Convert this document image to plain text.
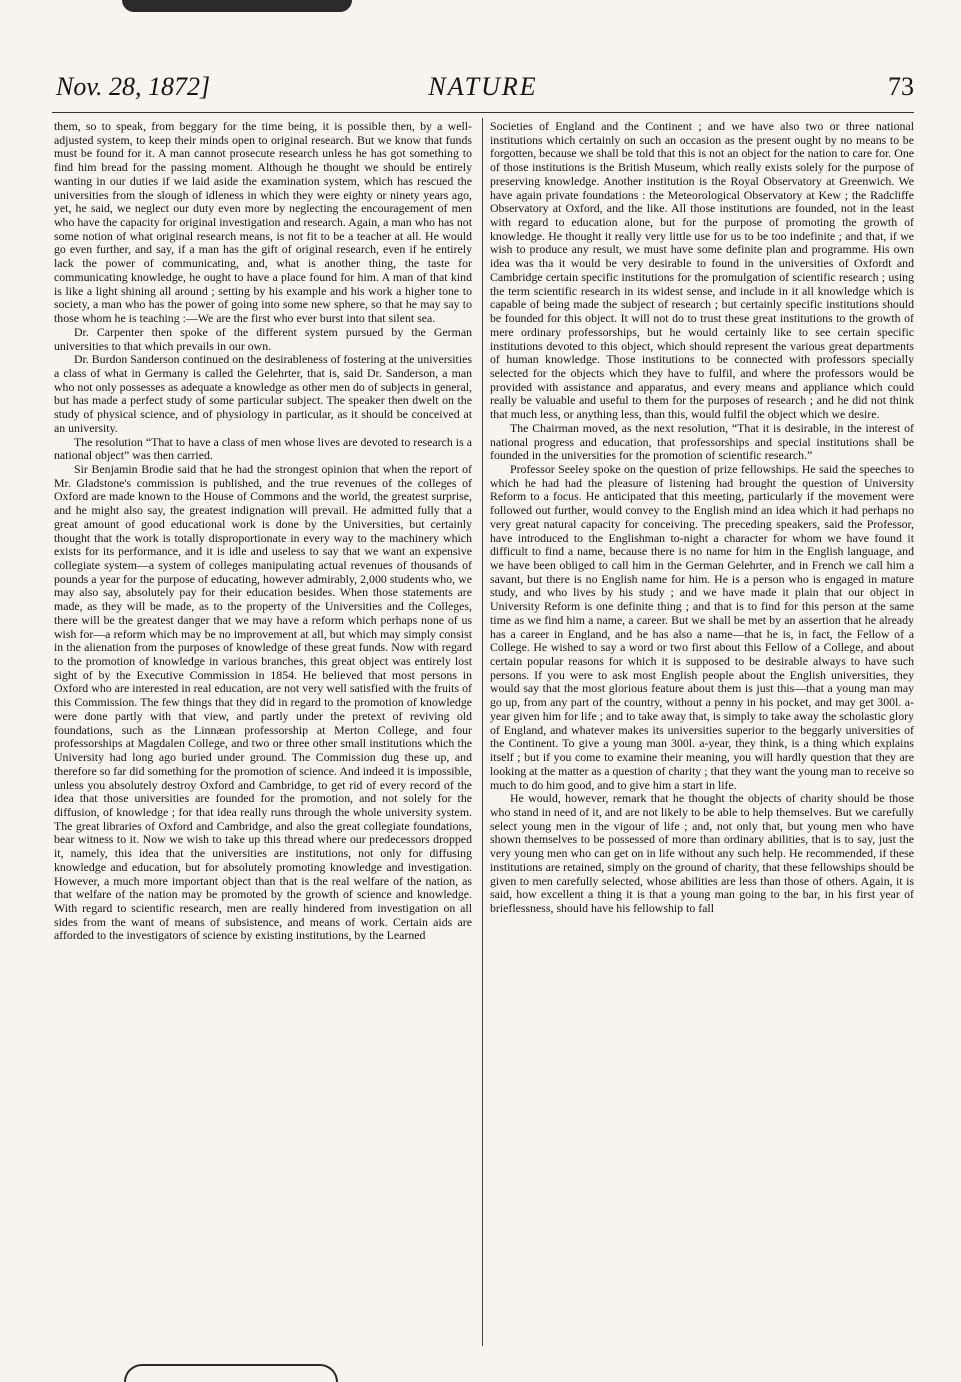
Nov. 28, 1872]	NATURE	73

them, so to speak, from beggary for the time being, it is possible then, by a well-adjusted system, to keep their minds open to original research. But we know that funds must be found for it. A man cannot prosecute research unless he has got something to find him bread for the passing moment. Although he thought we should be entirely wanting in our duties if we laid aside the examination system, which has rescued the universities from the slough of idleness in which they were eighty or ninety years ago, yet, he said, we neglect our duty even more by neglecting the encouragement of men who have the capacity for original investigation and research. Again, a man who has not some notion of what original research means, is not fit to be a teacher at all. He would go even further, and say, if a man has the gift of original research, even if he entirely lack the power of communicating, and, what is another thing, the taste for communicating knowledge, he ought to have a place found for him. A man of that kind is like a light shining all around ; setting by his example and his work a higher tone to society, a man who has the power of going into some new sphere, so that he may say to those whom he is teaching :—We are the first who ever burst into that silent sea.

Dr. Carpenter then spoke of the different system pursued by the German universities to that which prevails in our own.

Dr. Burdon Sanderson continued on the desirableness of fostering at the universities a class of what in Germany is called the Gelehrter, that is, said Dr. Sanderson, a man who not only possesses as adequate a knowledge as other men do of subjects in general, but has made a perfect study of some particular subject. The speaker then dwelt on the study of physical science, and of physiology in particular, as it should be conceived at an university.

The resolution “That to have a class of men whose lives are devoted to research is a national object” was then carried.

Sir Benjamin Brodie said that he had the strongest opinion that when the report of Mr. Gladstone's commission is published, and the true revenues of the colleges of Oxford are made known to the House of Commons and the world, the greatest surprise, and he might also say, the greatest indignation will prevail. He admitted fully that a great amount of good educational work is done by the Universities, but certainly thought that the work is totally disproportionate in every way to the machinery which exists for its performance, and it is idle and useless to say that we want an expensive collegiate system—a system of colleges manipulating actual revenues of thousands of pounds a year for the purpose of educating, however admirably, 2,000 students who, we may also say, absolutely pay for their education besides. When those statements are made, as they will be made, as to the property of the Universities and the Colleges, there will be the greatest danger that we may have a reform which perhaps none of us wish for—a reform which may be no improvement at all, but which may simply consist in the alienation from the purposes of knowledge of these great funds. Now with regard to the promotion of knowledge in various branches, this great object was entirely lost sight of by the Executive Commission in 1854. He believed that most persons in Oxford who are interested in real education, are not very well satisfied with the fruits of this Commission. The few things that they did in regard to the promotion of knowledge were done partly with that view, and partly under the pretext of reviving old foundations, such as the Linnæan professorship at Merton College, and four professorships at Magdalen College, and two or three other small institutions which the University had long ago buried under ground. The Commission dug these up, and therefore so far did something for the promotion of science. And indeed it is impossible, unless you absolutely destroy Oxford and Cambridge, to get rid of every record of the idea that those universities are founded for the promotion, and not solely for the diffusion, of knowledge ; for that idea really runs through the whole university system. The great libraries of Oxford and Cambridge, and also the great collegiate foundations, bear witness to it. Now we wish to take up this thread where our predecessors dropped it, namely, this idea that the universities are institutions, not only for diffusing knowledge and education, but for absolutely promoting knowledge and investigation. However, a much more important object than that is the real welfare of the nation, as that welfare of the nation may be promoted by the growth of science and knowledge. With regard to scientific research, men are really hindered from investigation on all sides from the want of means of subsistence, and means of work. Certain aids are afforded to the investigators of science by existing institutions, by the Learned

Societies of England and the Continent ; and we have also two or three national institutions which certainly on such an occasion as the present ought by no means to be forgotten, because we shall be told that this is not an object for the nation to care for. One of those institutions is the British Museum, which really exists solely for the purpose of preserving knowledge. Another institution is the Royal Observatory at Greenwich. We have again private foundations : the Meteorological Observatory at Kew ; the Radcliffe Observatory at Oxford, and the like. All those institutions are founded, not in the least with regard to education alone, but for the purpose of promoting the growth of knowledge. He thought it really very little use for us to be too indefinite ; and that, if we wish to produce any result, we must have some definite plan and programme. His own idea was tha it would be very desirable to found in the universities of Oxfordt and Cambridge certain specific institutions for the promulgation of scientific research ; using the term scientific research in its widest sense, and include in it all knowledge which is capable of being made the subject of research ; but certainly specific institutions should be founded for this object. It will not do to trust these great institutions to the growth of mere ordinary professorships, but he would certainly like to see certain specific institutions devoted to this object, which should represent the various great departments of human knowledge. Those institutions to be connected with professors specially selected for the objects which they have to fulfil, and where the professors would be provided with assistance and apparatus, and every means and appliance which could really be valuable and useful to them for the purposes of research ; and he did not think that much less, or anything less, than this, would fulfil the object which we desire.

The Chairman moved, as the next resolution, “That it is desirable, in the interest of national progress and education, that professorships and special institutions shall be founded in the universities for the promotion of scientific research.”

Professor Seeley spoke on the question of prize fellowships. He said the speeches to which he had had the pleasure of listening had brought the question of University Reform to a focus. He anticipated that this meeting, particularly if the movement were followed out further, would convey to the English mind an idea which it had perhaps no very great natural capacity for conceiving. The preceding speakers, said the Professor, have introduced to the Englishman to-night a character for whom we have found it difficult to find a name, because there is no name for him in the English language, and we have been obliged to call him in the German Gelehrter, and in French we call him a savant, but there is no English name for him. He is a person who is engaged in mature study, and who lives by his study ; and we have made it plain that our object in University Reform is one definite thing ; and that is to find for this person at the same time as we find him a name, a career. But we shall be met by an assertion that he already has a career in England, and he has also a name—that he is, in fact, the Fellow of a College. He wished to say a word or two first about this Fellow of a College, and about certain popular reasons for which it is supposed to be desirable always to have such persons. If you were to ask most English people about the English universities, they would say that the most glorious feature about them is just this—that a young man may go up, from any part of the country, without a penny in his pocket, and may get 300l. a-year given him for life ; and to take away that, is simply to take away the scholastic glory of England, and whatever makes its universities superior to the beggarly universities of the Continent. To give a young man 300l. a-year, they think, is a thing which explains itself ; but if you come to examine their meaning, you will hardly question that they are looking at the matter as a question of charity ; that they want the young man to receive so much to do him good, and to give him a start in life.

He would, however, remark that he thought the objects of charity should be those who stand in need of it, and are not likely to be able to help themselves. But we carefully select young men in the vigour of life ; and, not only that, but young men who have shown themselves to be possessed of more than ordinary abilities, that is to say, just the very young men who can get on in life without any such help. He recommended, if these institutions are retained, simply on the ground of charity, that these fellowships should be given to men carefully selected, whose abilities are less than those of others. Again, it is said, how excellent a thing it is that a young man going to the bar, in his first year of brieflessness, should have his fellowship to fall
